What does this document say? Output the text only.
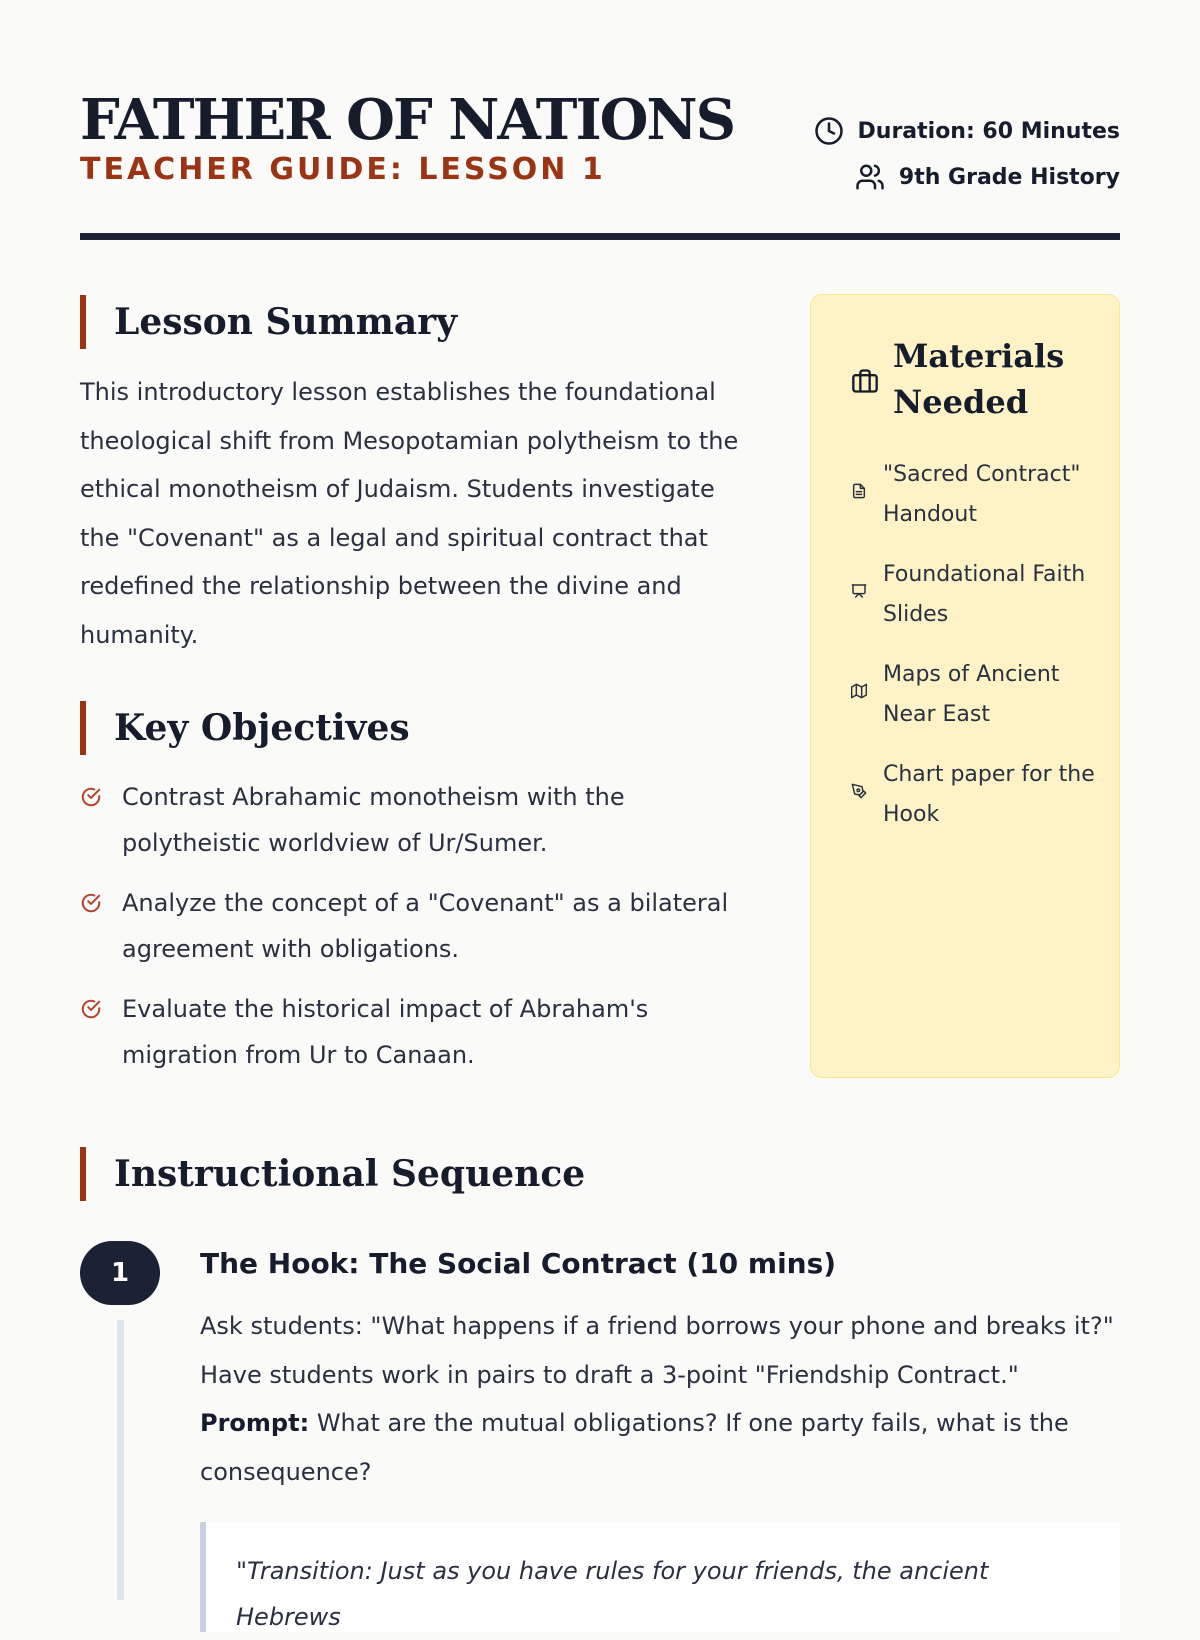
FATHER OF NATIONS
TEACHER GUIDE: LESSON 1
Duration: 60 Minutes
9th Grade History
Lesson Summary

This introductory lesson establishes the foundational theological shift from Mesopotamian polytheism to the ethical monotheism of Judaism. Students investigate the "Covenant" as a legal and spiritual contract that redefined the relationship between the divine and humanity.

Key Objectives
Contrast Abrahamic monotheism with the polytheistic worldview of Ur/Sumer.
Analyze the concept of a "Covenant" as a bilateral agreement with obligations.
Evaluate the historical impact of Abraham's migration from Ur to Canaan.
Materials Needed
"Sacred Contract" Handout
Foundational Faith Slides
Maps of Ancient Near East
Chart paper for the Hook
Instructional Sequence
1	The Hook: The Social Contract (10 mins)

Ask students: "What happens if a friend borrows your phone and breaks it?" Have students work in pairs to draft a 3-point "Friendship Contract." Prompt: What are the mutual obligations? If one party fails, what is the consequence?

"Transition: Just as you have rules for your friends, the ancient Hebrews
